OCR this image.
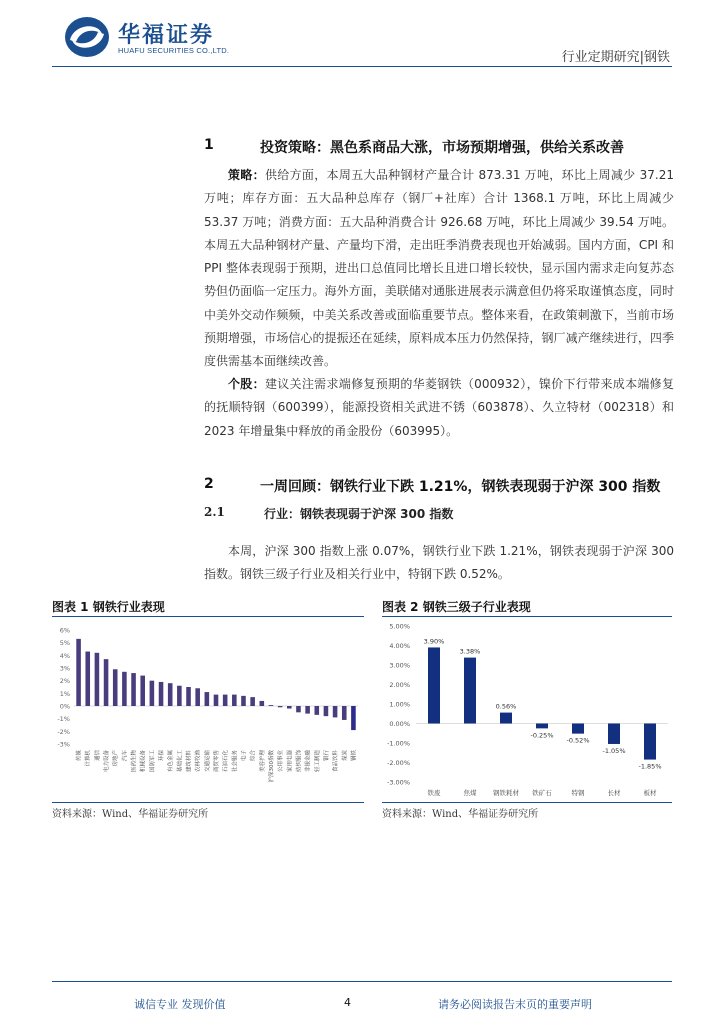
华福证券
HUAFU SECURITIES CO.,LTD.	行业定期研究|钢铁
1	投资策略：黑色系商品大涨，市场预期增强，供给关系改善
策略：供给方面，本周五大品种钢材产量合计 873.31 万吨，环比上周减少 37.21 万吨；库存方面：五大品种总库存（钢厂+社库）合计 1368.1 万吨，环比上周减少 53.37 万吨；消费方面：五大品种消费合计 926.68 万吨，环比上周减少 39.54 万吨。本周五大品种钢材产量、产量均下滑，走出旺季消费表现也开始减弱。国内方面，CPI 和 PPI 整体表现弱于预期，进出口总值同比增长且进口增长较快，显示国内需求走向复苏态势但仍面临一定压力。海外方面，美联储对通胀进展表示满意但仍将采取谨慎态度，同时中美外交动作频频，中美关系改善或面临重要节点。整体来看，在政策刺激下，当前市场预期增强，市场信心的提振还在延续，原料成本压力仍然保持，钢厂减产继续进行，四季度供需基本面继续改善。
个股：建议关注需求端修复预期的华菱钢铁（000932），镍价下行带来成本端修复的抚顺特钢（600399），能源投资相关武进不锈（603878）、久立特材（002318）和 2023 年增量集中释放的甬金股份（603995）。
2	一周回顾：钢铁行业下跌 1.21%，钢铁表现弱于沪深 300 指数
2.1	行业：钢铁表现弱于沪深 300 指数
本周，沪深 300 指数上涨 0.07%，钢铁行业下跌 1.21%，钢铁表现弱于沪深 300 指数。钢铁三级子行业及相关行业中，特钢下跌 0.52%。
图表 1 钢铁行业表现	图表 2 钢铁三级子行业表现
6%
5%
4%
3%
2%
1%
0%
-1%
-2%
-3%
传媒 计算机 通信 电力设备 房地产 汽车 医药生物 机械设备 国防军工 环保 有色金属 基础化工 建筑材料 农林牧渔 交通运输 商贸零售 石油石化 社会服务 电子 综合 美容护理 沪深300指数 公用事业 家用电器 纺织服饰 非银金融 轻工制造 银行 食品饮料 煤炭 钢铁
5.00%
4.00%
3.00%
2.00%
1.00%
0.00%
-1.00%
-2.00%
-3.00%
3.90%
铁废
3.38%
焦煤
0.56%
钢铁耗材
-0.25%
铁矿石
-0.52%
特钢
-1.05%
长材
-1.85%
板材
资料来源：Wind、华福证券研究所	资料来源：Wind、华福证券研究所
诚信专业 发现价值	4	请务必阅读报告末页的重要声明
